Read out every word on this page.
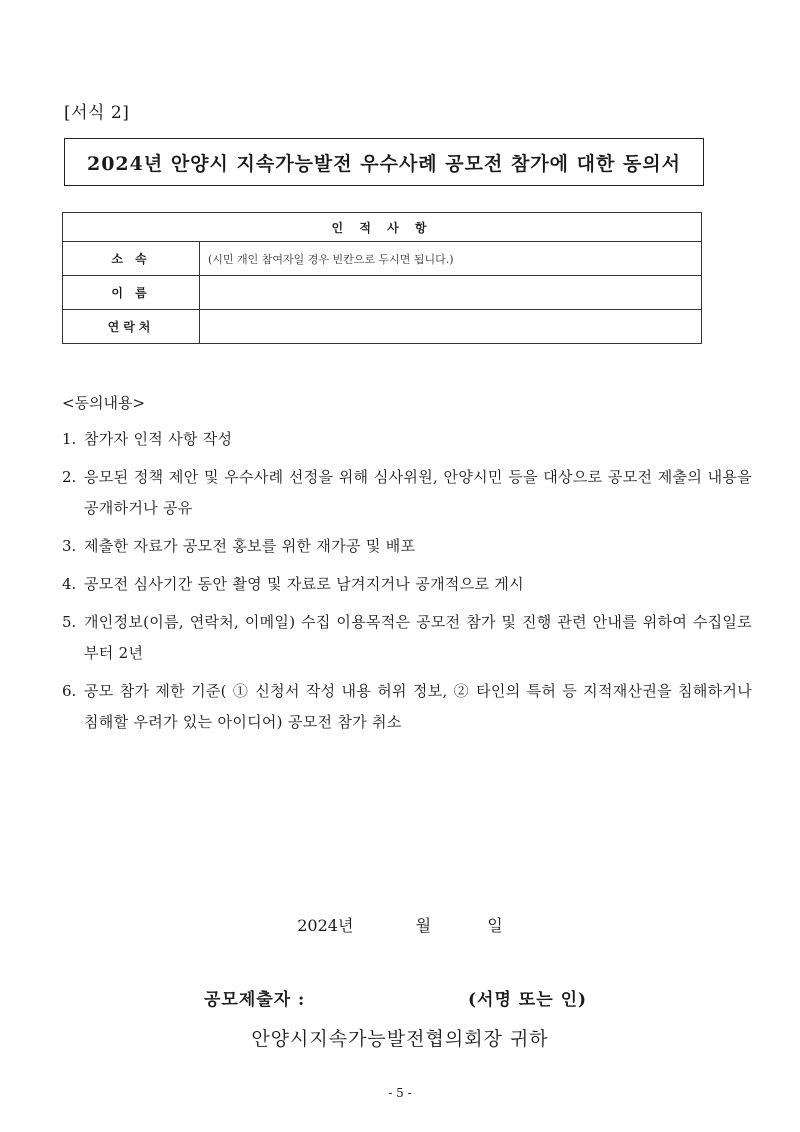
[서식 2]
2024년 안양시 지속가능발전 우수사례 공모전 참가에 대한 동의서
인 적 사 항	
소 속	(시민 개인 참여자일 경우 빈칸으로 두시면 됩니다.)
이 름	
연락처	
<동의내용>
1. 참가자 인적 사항 작성
2. 응모된 정책 제안 및 우수사례 선정을 위해 심사위원, 안양시민 등을 대상으로 공모전 제출의 내용을 공개하거나 공유
3. 제출한 자료가 공모전 홍보를 위한 재가공 및 배포
4. 공모전 심사기간 동안 촬영 및 자료로 남겨지거나 공개적으로 게시
5. 개인정보(이름, 연락처, 이메일) 수집 이용목적은 공모전 참가 및 진행 관련 안내를 위하여 수집일로부터 2년
6. 공모 참가 제한 기준( ① 신청서 작성 내용 허위 정보, ② 타인의 특허 등 지적재산권을 침해하거나 침해할 우려가 있는 아이디어) 공모전 참가 취소
2024년	월	일
공모제출자 :	(서명 또는 인)
안양시지속가능발전협의회장 귀하
- 5 -
